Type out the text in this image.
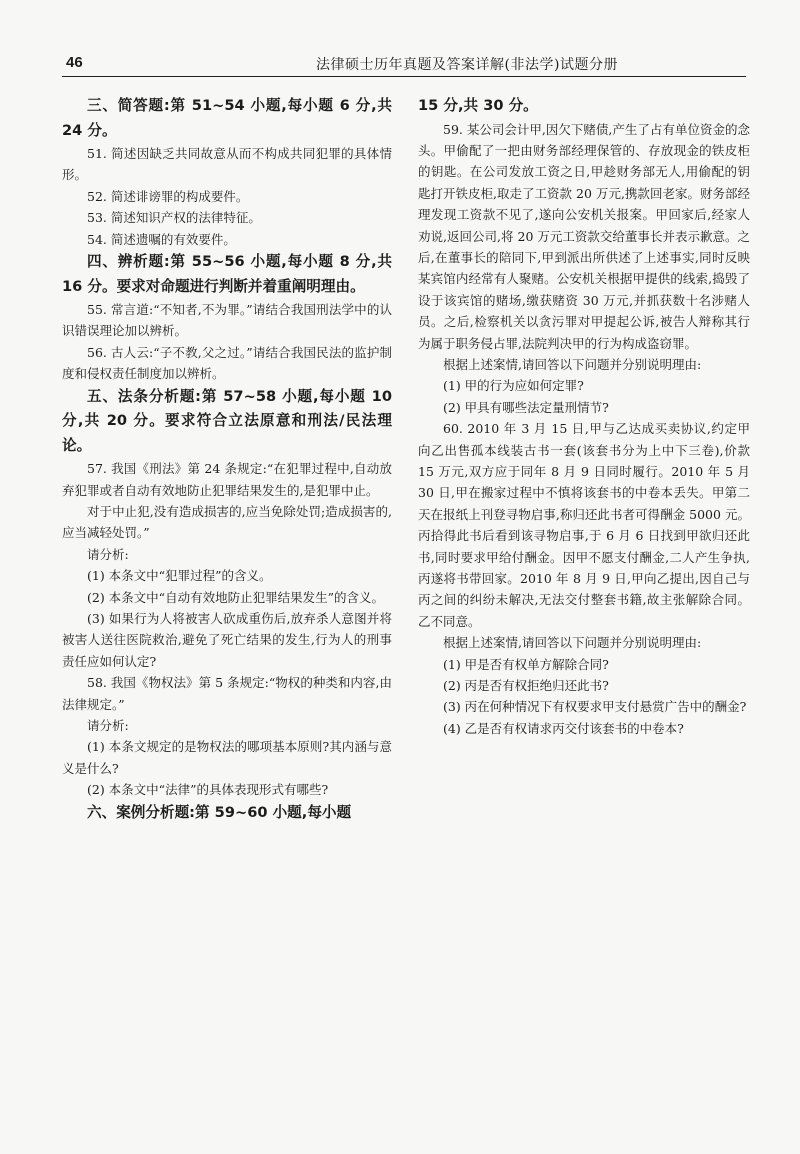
46	法律硕士历年真题及答案详解(非法学)试题分册

三、简答题:第 51~54 小题,每小题 6 分,共 24 分。

51. 简述因缺乏共同故意从而不构成共同犯罪的具体情形。

52. 简述诽谤罪的构成要件。

53. 简述知识产权的法律特征。

54. 简述遗嘱的有效要件。

四、辨析题:第 55~56 小题,每小题 8 分,共 16 分。要求对命题进行判断并着重阐明理由。

55. 常言道:“不知者,不为罪。”请结合我国刑法学中的认识错误理论加以辨析。

56. 古人云:“子不教,父之过。”请结合我国民法的监护制度和侵权责任制度加以辨析。

五、法条分析题:第 57~58 小题,每小题 10 分,共 20 分。要求符合立法原意和刑法/民法理论。

57. 我国《刑法》第 24 条规定:“在犯罪过程中,自动放弃犯罪或者自动有效地防止犯罪结果发生的,是犯罪中止。

对于中止犯,没有造成损害的,应当免除处罚;造成损害的,应当减轻处罚。”

请分析:

(1) 本条文中“犯罪过程”的含义。

(2) 本条文中“自动有效地防止犯罪结果发生”的含义。

(3) 如果行为人将被害人砍成重伤后,放弃杀人意图并将被害人送往医院救治,避免了死亡结果的发生,行为人的刑事责任应如何认定?

58. 我国《物权法》第 5 条规定:“物权的种类和内容,由法律规定。”

请分析:

(1) 本条文规定的是物权法的哪项基本原则?其内涵与意义是什么?

(2) 本条文中“法律”的具体表现形式有哪些?

六、案例分析题:第 59~60 小题,每小题

15 分,共 30 分。

59. 某公司会计甲,因欠下赌债,产生了占有单位资金的念头。甲偷配了一把由财务部经理保管的、存放现金的铁皮柜的钥匙。在公司发放工资之日,甲趁财务部无人,用偷配的钥匙打开铁皮柜,取走了工资款 20 万元,携款回老家。财务部经理发现工资款不见了,遂向公安机关报案。甲回家后,经家人劝说,返回公司,将 20 万元工资款交给董事长并表示歉意。之后,在董事长的陪同下,甲到派出所供述了上述事实,同时反映某宾馆内经常有人聚赌。公安机关根据甲提供的线索,捣毁了设于该宾馆的赌场,缴获赌资 30 万元,并抓获数十名涉赌人员。之后,检察机关以贪污罪对甲提起公诉,被告人辩称其行为属于职务侵占罪,法院判决甲的行为构成盗窃罪。

根据上述案情,请回答以下问题并分别说明理由:

(1) 甲的行为应如何定罪?

(2) 甲具有哪些法定量刑情节?

60. 2010 年 3 月 15 日,甲与乙达成买卖协议,约定甲向乙出售孤本线装古书一套(该套书分为上中下三卷),价款 15 万元,双方应于同年 8 月 9 日同时履行。2010 年 5 月 30 日,甲在搬家过程中不慎将该套书的中卷本丢失。甲第二天在报纸上刊登寻物启事,称归还此书者可得酬金 5000 元。丙拾得此书后看到该寻物启事,于 6 月 6 日找到甲欲归还此书,同时要求甲给付酬金。因甲不愿支付酬金,二人产生争执,丙遂将书带回家。2010 年 8 月 9 日,甲向乙提出,因自己与丙之间的纠纷未解决,无法交付整套书籍,故主张解除合同。乙不同意。

根据上述案情,请回答以下问题并分别说明理由:

(1) 甲是否有权单方解除合同?

(2) 丙是否有权拒绝归还此书?

(3) 丙在何种情况下有权要求甲支付悬赏广告中的酬金?

(4) 乙是否有权请求丙交付该套书的中卷本?
